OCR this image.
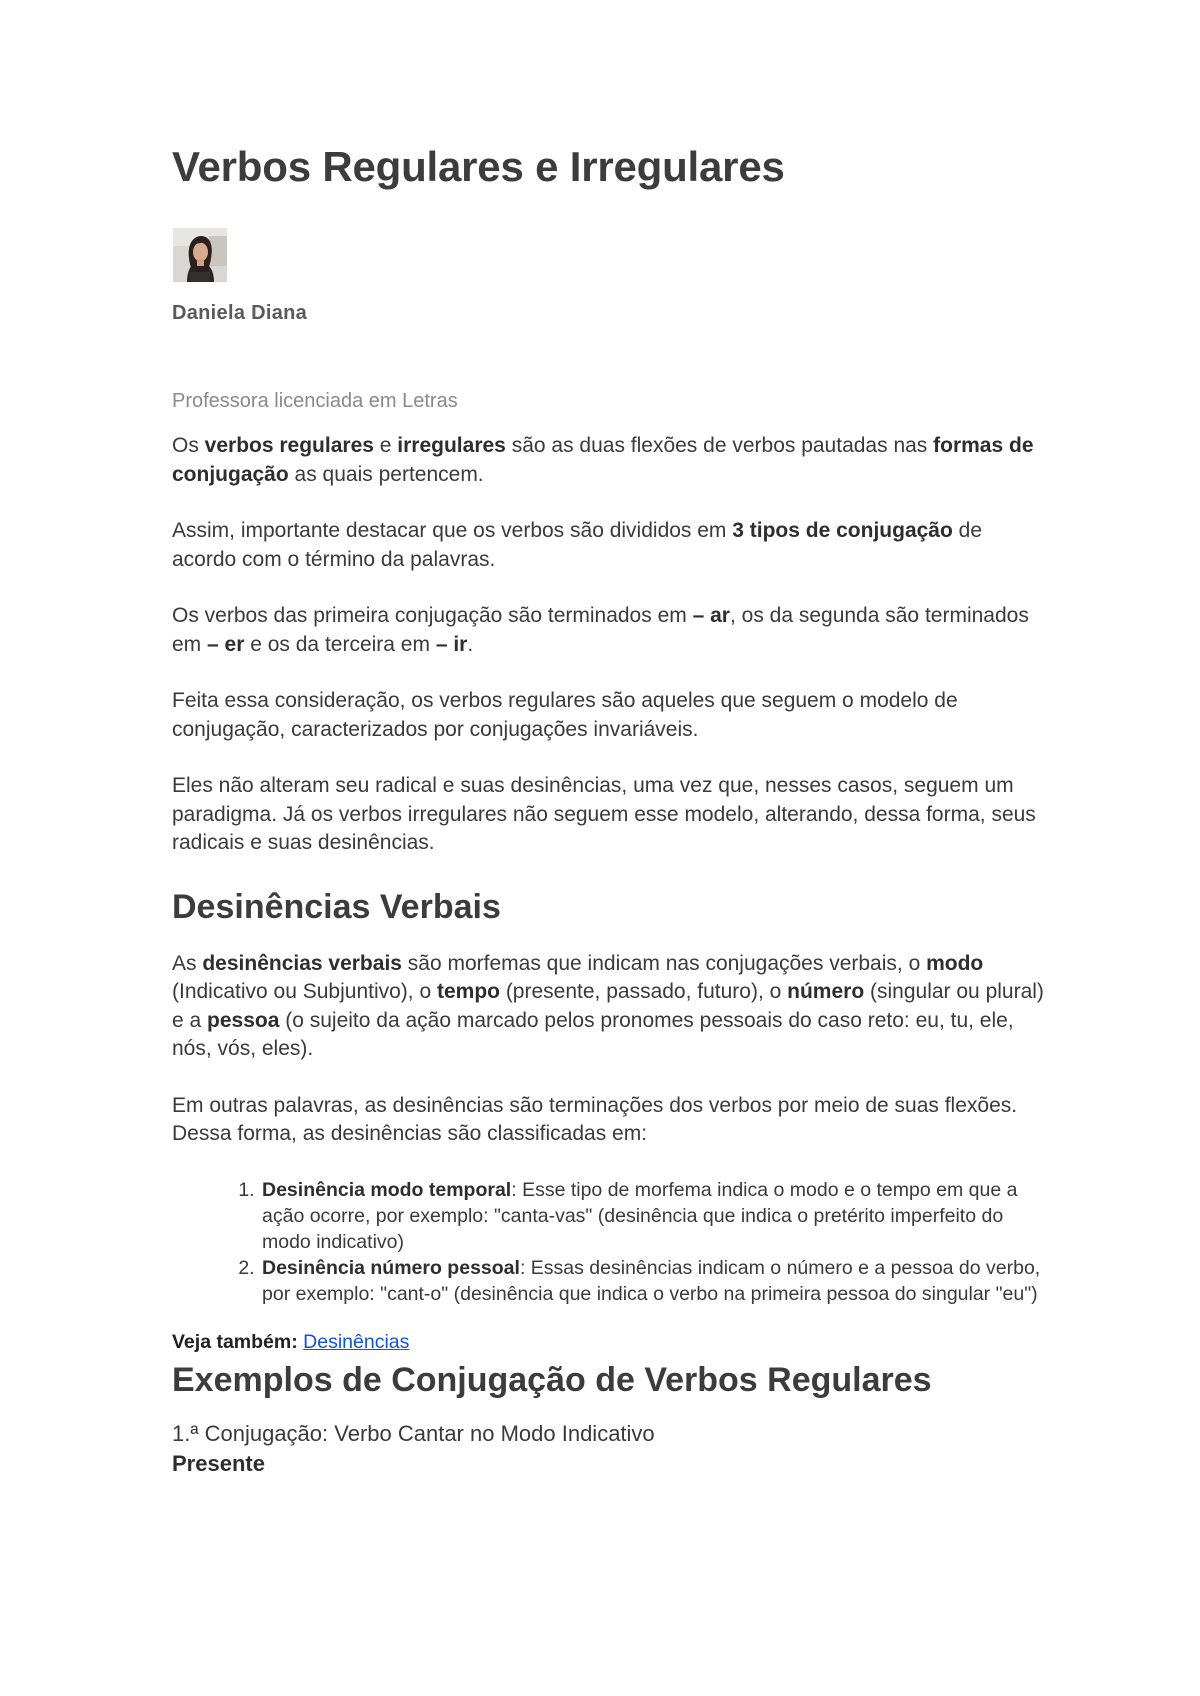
Verbos Regulares e Irregulares
Daniela Diana
Professora licenciada em Letras

Os verbos regulares e irregulares são as duas flexões de verbos pautadas nas formas de conjugação as quais pertencem.

Assim, importante destacar que os verbos são divididos em 3 tipos de conjugação de acordo com o término da palavras.

Os verbos das primeira conjugação são terminados em – ar, os da segunda são terminados em – er e os da terceira em – ir.

Feita essa consideração, os verbos regulares são aqueles que seguem o modelo de conjugação, caracterizados por conjugações invariáveis.

Eles não alteram seu radical e suas desinências, uma vez que, nesses casos, seguem um paradigma. Já os verbos irregulares não seguem esse modelo, alterando, dessa forma, seus radicais e suas desinências.

Desinências Verbais

As desinências verbais são morfemas que indicam nas conjugações verbais, o modo (Indicativo ou Subjuntivo), o tempo (presente, passado, futuro), o número (singular ou plural) e a pessoa (o sujeito da ação marcado pelos pronomes pessoais do caso reto: eu, tu, ele, nós, vós, eles).

Em outras palavras, as desinências são terminações dos verbos por meio de suas flexões. Dessa forma, as desinências são classificadas em:

1. Desinência modo temporal: Esse tipo de morfema indica o modo e o tempo em que a ação ocorre, por exemplo: "canta-vas" (desinência que indica o pretérito imperfeito do modo indicativo)
2. Desinência número pessoal: Essas desinências indicam o número e a pessoa do verbo, por exemplo: "cant-o" (desinência que indica o verbo na primeira pessoa do singular "eu")
Veja também: Desinências
Exemplos de Conjugação de Verbos Regulares

1.ª Conjugação: Verbo Cantar no Modo Indicativo

Presente
